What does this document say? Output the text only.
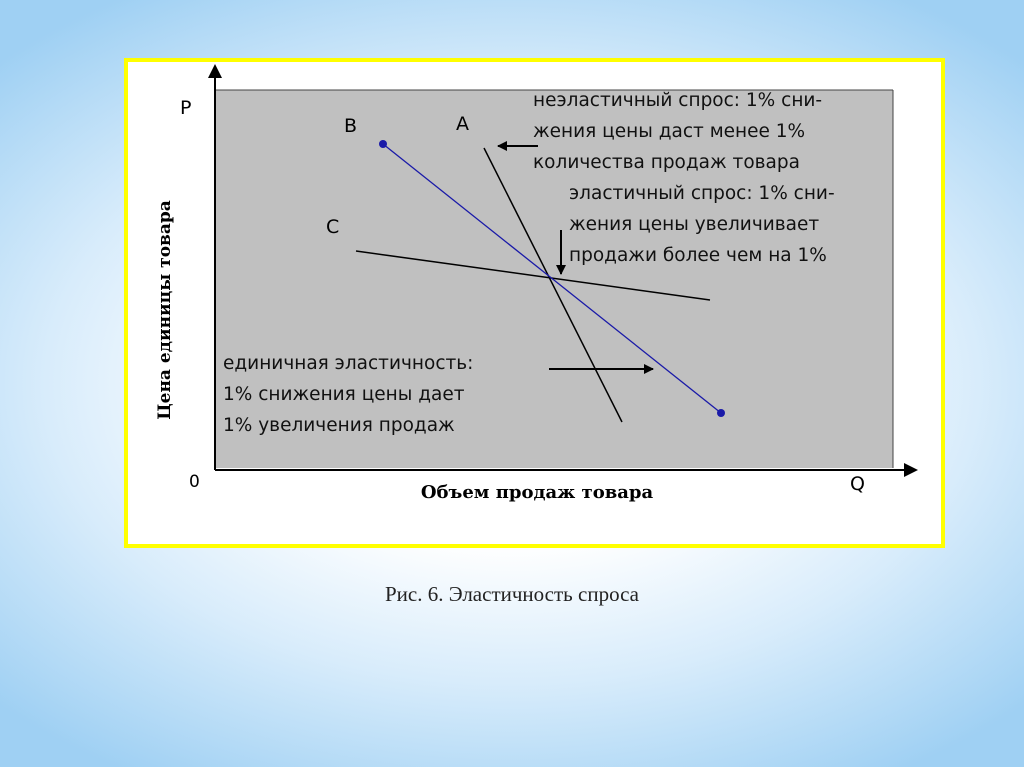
P
Q
0
Цена единицы товара
Объем продаж товара
B	A
C
неэластичный спрос: 1% сни-
жения цены даст менее 1%
количества продаж товара
эластичный спрос: 1% сни-
жения цены увеличивает
продажи более чем на 1%
единичная эластичность:
1% снижения цены дает
1% увеличения продаж
Рис. 6. Эластичность спроса
